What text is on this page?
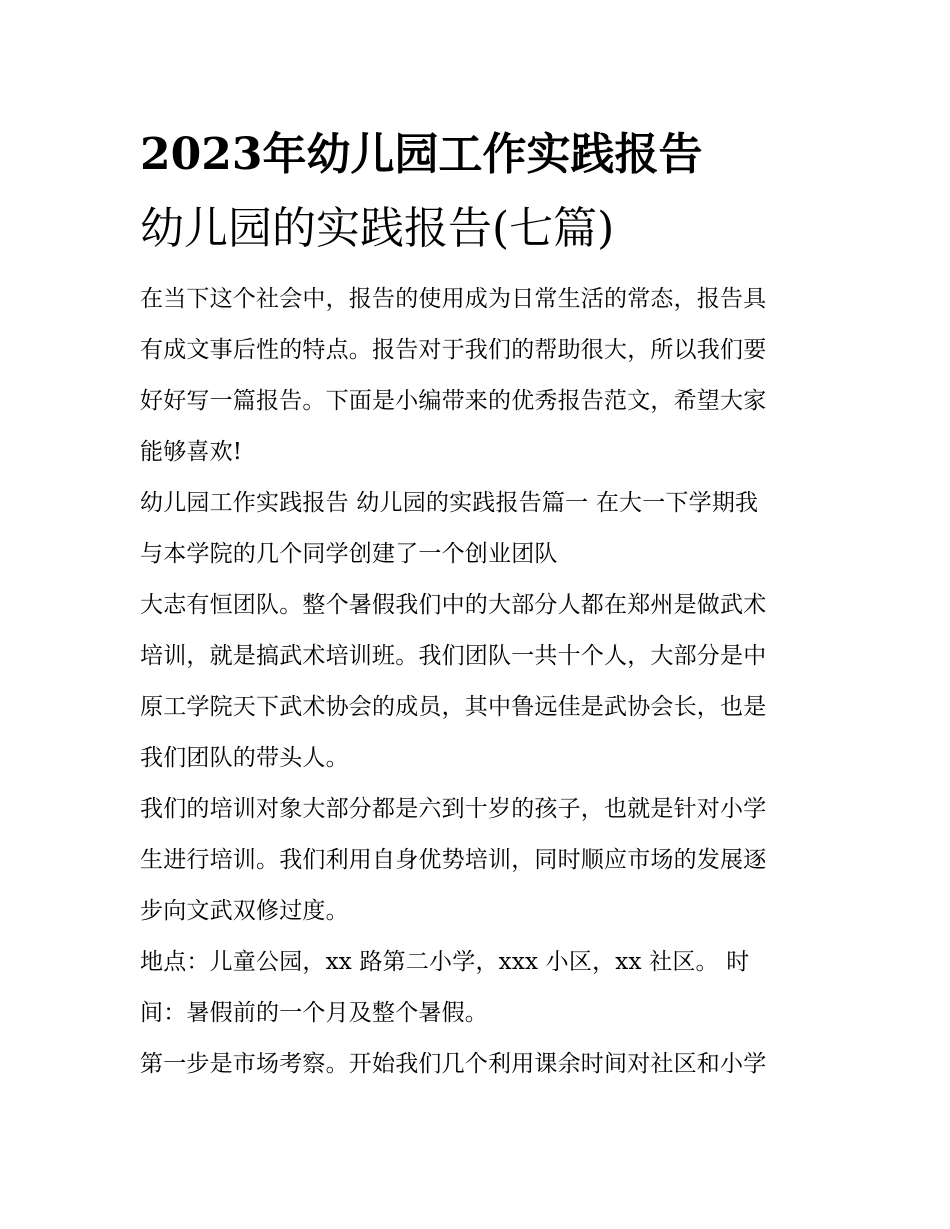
2023年幼儿园工作实践报告
幼儿园的实践报告(七篇)
在当下这个社会中，报告的使用成为日常生活的常态，报告具
有成文事后性的特点。报告对于我们的帮助很大，所以我们要
好好写一篇报告。下面是小编带来的优秀报告范文，希望大家
能够喜欢!
幼儿园工作实践报告 幼儿园的实践报告篇一 在大一下学期我
与本学院的几个同学创建了一个创业团队
大志有恒团队。整个暑假我们中的大部分人都在郑州是做武术
培训，就是搞武术培训班。我们团队一共十个人，大部分是中
原工学院天下武术协会的成员，其中鲁远佳是武协会长，也是
我们团队的带头人。
我们的培训对象大部分都是六到十岁的孩子，也就是针对小学
生进行培训。我们利用自身优势培训，同时顺应市场的发展逐
步向文武双修过度。
地点：儿童公园，xx 路第二小学，xxx 小区，xx 社区。 时
间：暑假前的一个月及整个暑假。
第一步是市场考察。开始我们几个利用课余时间对社区和小学
